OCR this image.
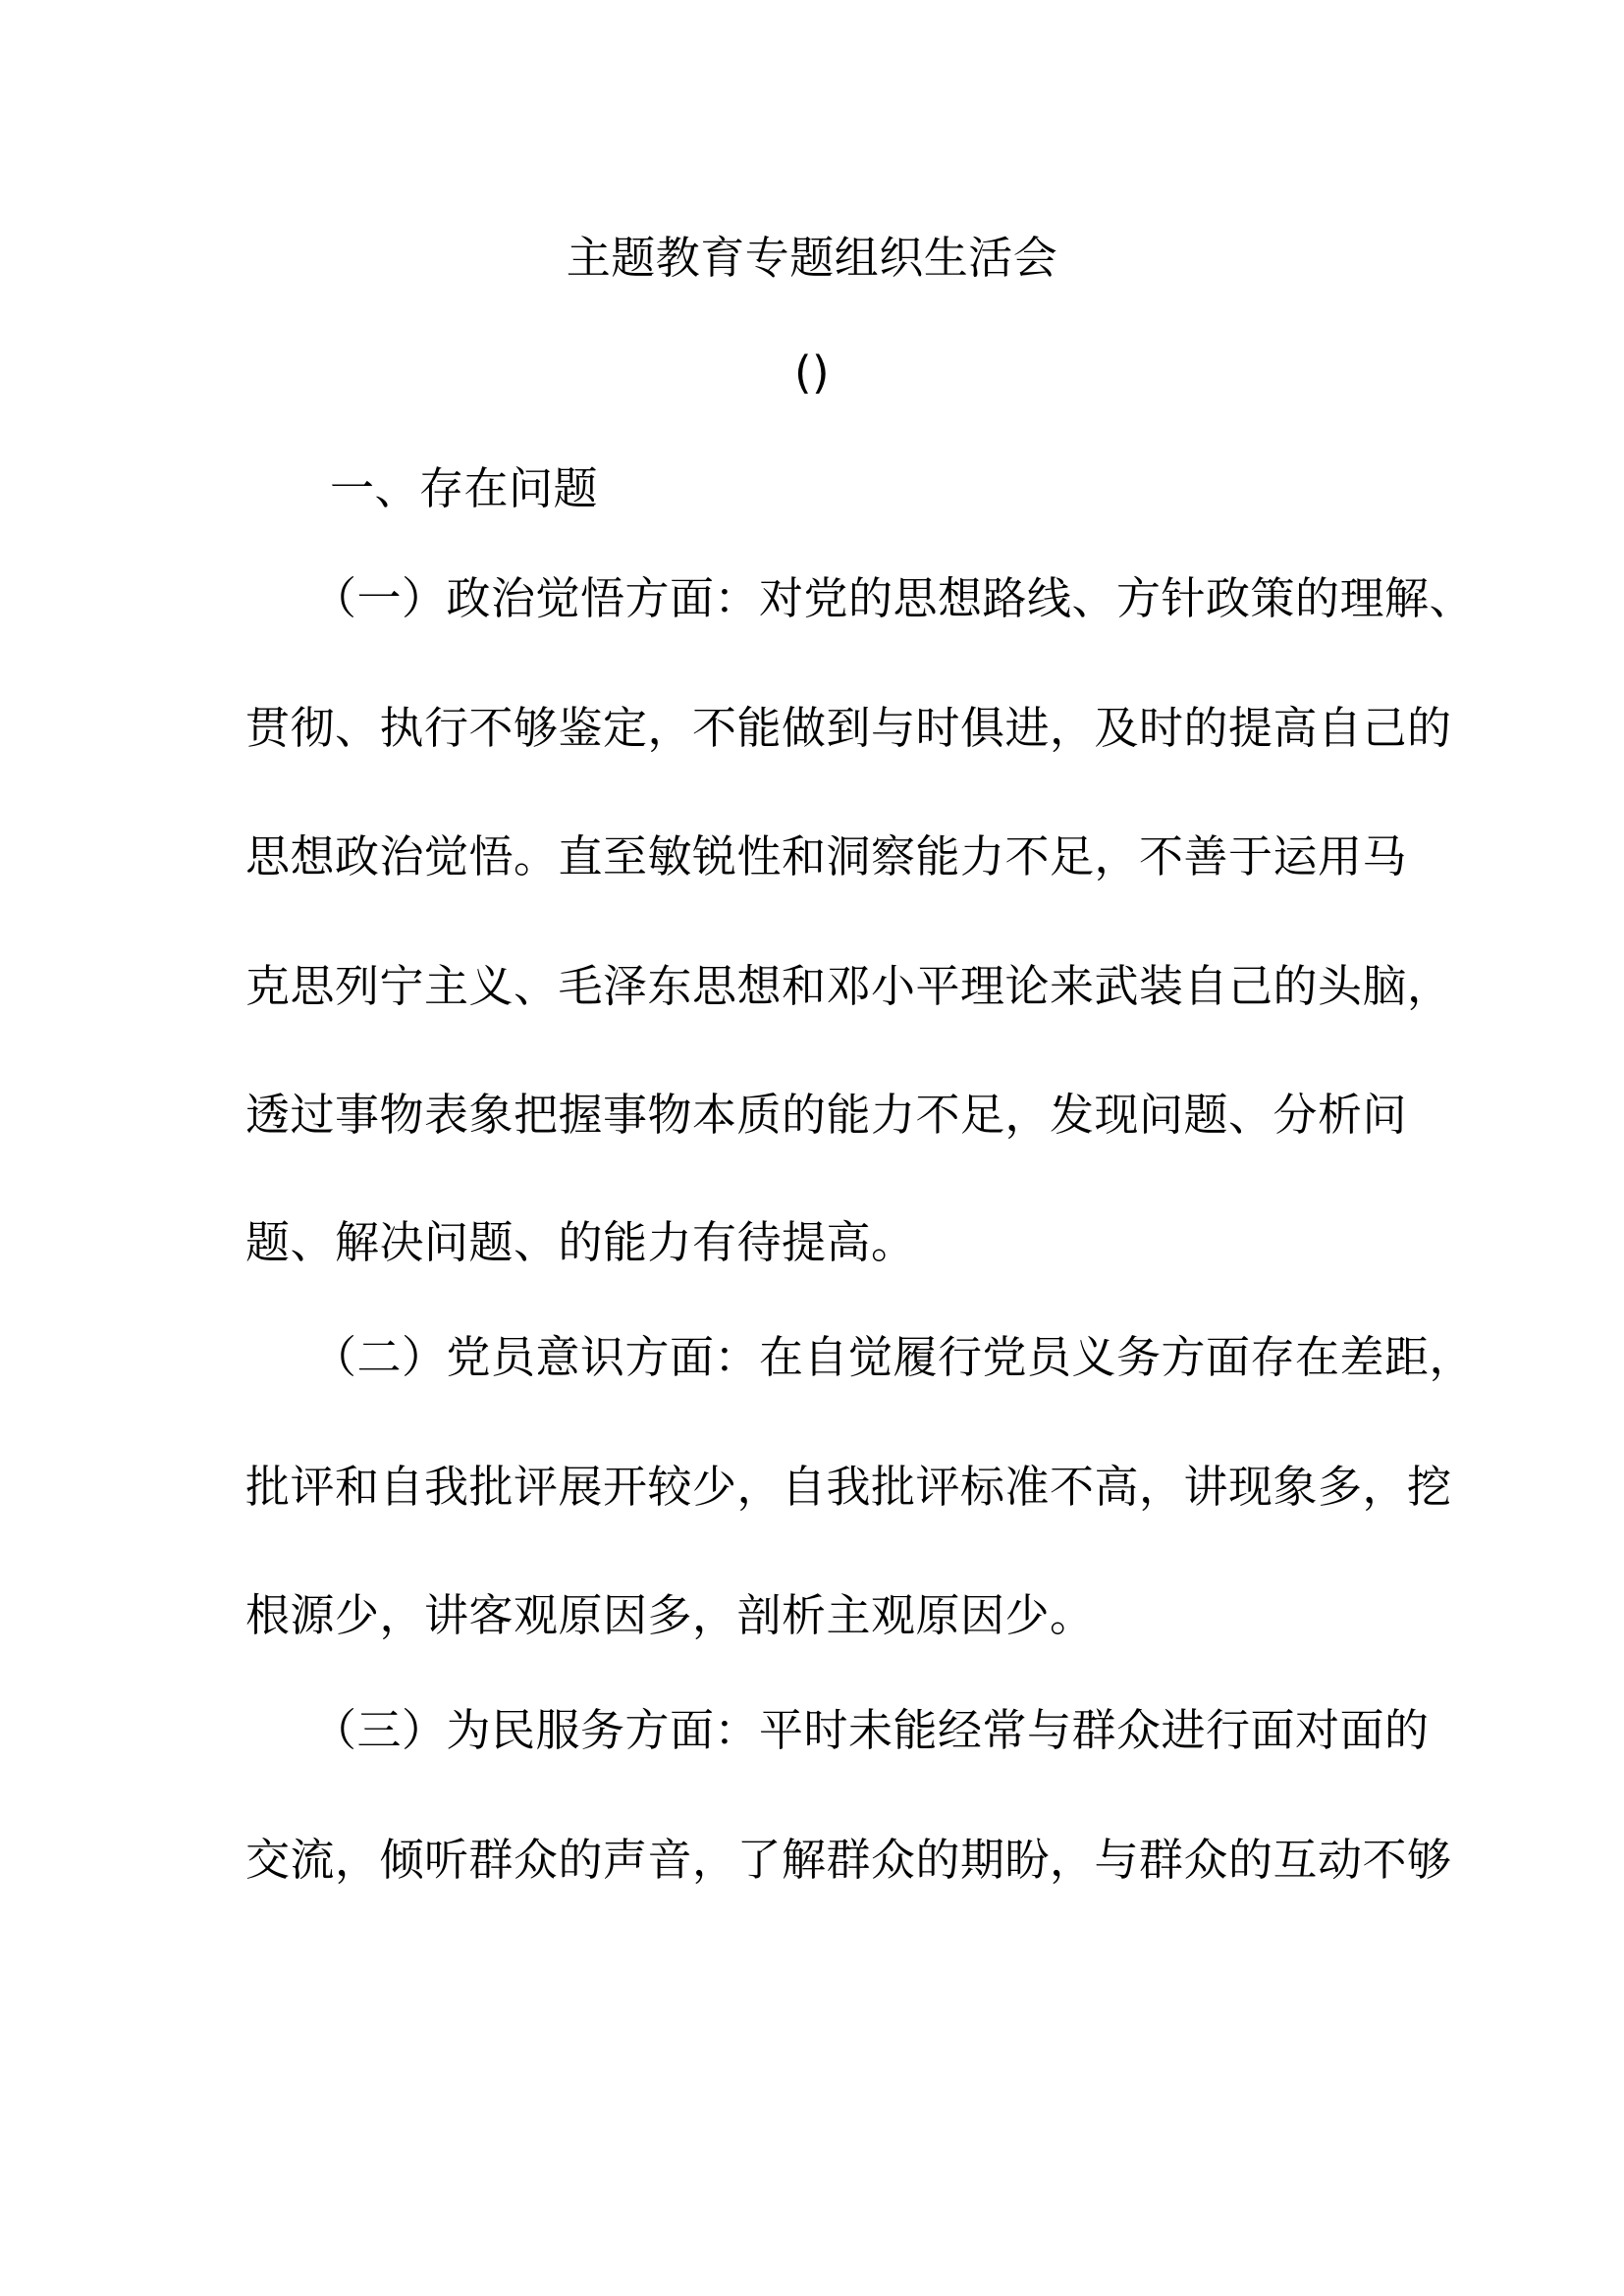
主题教育专题组织生活会
()
一、存在问题
（一）政治觉悟方面：对党的思想路线、方针政策的理解、
贯彻、执行不够鉴定，不能做到与时俱进，及时的提高自己的
思想政治觉悟。直至敏锐性和洞察能力不足，不善于运用马
克思列宁主义、毛泽东思想和邓小平理论来武装自己的头脑，
透过事物表象把握事物本质的能力不足，发现问题、分析问
题、解决问题、的能力有待提高。
（二）党员意识方面：在自觉履行党员义务方面存在差距，
批评和自我批评展开较少，自我批评标准不高，讲现象多，挖
根源少，讲客观原因多，剖析主观原因少。
（三）为民服务方面：平时未能经常与群众进行面对面的
交流，倾听群众的声音，了解群众的期盼，与群众的互动不够
